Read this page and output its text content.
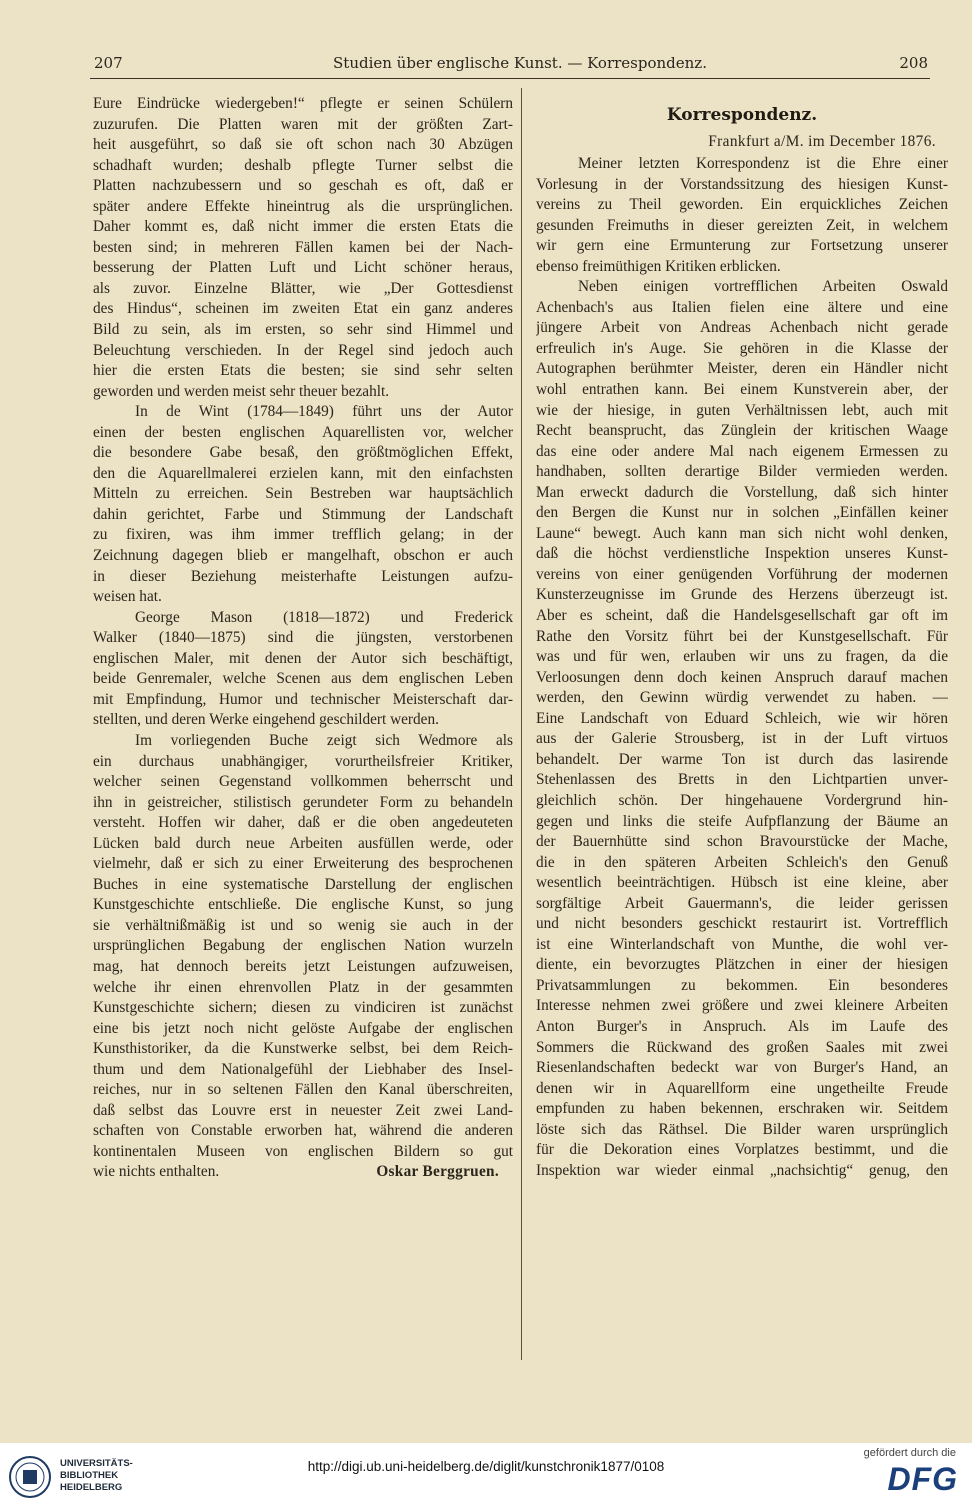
207	Studien über englische Kunst. — Korrespondenz.	208
Eure Eindrücke wiedergeben!“ pflegte er seinen Schülern
zuzurufen. Die Platten waren mit der größten Zart-
heit ausgeführt, so daß sie oft schon nach 30 Abzügen
schadhaft wurden; deshalb pflegte Turner selbst die
Platten nachzubessern und so geschah es oft, daß er
später andere Effekte hineintrug als die ursprünglichen.
Daher kommt es, daß nicht immer die ersten Etats die
besten sind; in mehreren Fällen kamen bei der Nach-
besserung der Platten Luft und Licht schöner heraus,
als zuvor. Einzelne Blätter, wie „Der Gottesdienst
des Hindus“, scheinen im zweiten Etat ein ganz anderes
Bild zu sein, als im ersten, so sehr sind Himmel und
Beleuchtung verschieden. In der Regel sind jedoch auch
hier die ersten Etats die besten; sie sind sehr selten
geworden und werden meist sehr theuer bezahlt.
In de Wint (1784—1849) führt uns der Autor
einen der besten englischen Aquarellisten vor, welcher
die besondere Gabe besaß, den größtmöglichen Effekt,
den die Aquarellmalerei erzielen kann, mit den einfachsten
Mitteln zu erreichen. Sein Bestreben war hauptsächlich
dahin gerichtet, Farbe und Stimmung der Landschaft
zu fixiren, was ihm immer trefflich gelang; in der
Zeichnung dagegen blieb er mangelhaft, obschon er auch
in dieser Beziehung meisterhafte Leistungen aufzu-
weisen hat.
George Mason (1818—1872) und Frederick
Walker (1840—1875) sind die jüngsten, verstorbenen
englischen Maler, mit denen der Autor sich beschäftigt,
beide Genremaler, welche Scenen aus dem englischen Leben
mit Empfindung, Humor und technischer Meisterschaft dar-
stellten, und deren Werke eingehend geschildert werden.
Im vorliegenden Buche zeigt sich Wedmore als
ein durchaus unabhängiger, vorurtheilsfreier Kritiker,
welcher seinen Gegenstand vollkommen beherrscht und
ihn in geistreicher, stilistisch gerundeter Form zu behandeln
versteht. Hoffen wir daher, daß er die oben angedeuteten
Lücken bald durch neue Arbeiten ausfüllen werde, oder
vielmehr, daß er sich zu einer Erweiterung des besprochenen
Buches in eine systematische Darstellung der englischen
Kunstgeschichte entschließe. Die englische Kunst, so jung
sie verhältnißmäßig ist und so wenig sie auch in der
ursprünglichen Begabung der englischen Nation wurzeln
mag, hat dennoch bereits jetzt Leistungen aufzuweisen,
welche ihr einen ehrenvollen Platz in der gesammten
Kunstgeschichte sichern; diesen zu vindiciren ist zunächst
eine bis jetzt noch nicht gelöste Aufgabe der englischen
Kunsthistoriker, da die Kunstwerke selbst, bei dem Reich-
thum und dem Nationalgefühl der Liebhaber des Insel-
reiches, nur in so seltenen Fällen den Kanal überschreiten,
daß selbst das Louvre erst in neuester Zeit zwei Land-
schaften von Constable erworben hat, während die anderen
kontinentalen Museen von englischen Bildern so gut
wie nichts enthalten.	Oskar Berggruen.
Korrespondenz.
Frankfurt a/M. im December 1876.
Meiner letzten Korrespondenz ist die Ehre einer
Vorlesung in der Vorstandssitzung des hiesigen Kunst-
vereins zu Theil geworden. Ein erquickliches Zeichen
gesunden Freimuths in dieser gereizten Zeit, in welchem
wir gern eine Ermunterung zur Fortsetzung unserer
ebenso freimüthigen Kritiken erblicken.
Neben einigen vortrefflichen Arbeiten Oswald
Achenbach's aus Italien fielen eine ältere und eine
jüngere Arbeit von Andreas Achenbach nicht gerade
erfreulich in's Auge. Sie gehören in die Klasse der
Autographen berühmter Meister, deren ein Händler nicht
wohl entrathen kann. Bei einem Kunstverein aber, der
wie der hiesige, in guten Verhältnissen lebt, auch mit
Recht beansprucht, das Zünglein der kritischen Waage
das eine oder andere Mal nach eigenem Ermessen zu
handhaben, sollten derartige Bilder vermieden werden.
Man erweckt dadurch die Vorstellung, daß sich hinter
den Bergen die Kunst nur in solchen „Einfällen keiner
Laune“ bewegt. Auch kann man sich nicht wohl denken,
daß die höchst verdienstliche Inspektion unseres Kunst-
vereins von einer genügenden Vorführung der modernen
Kunsterzeugnisse im Grunde des Herzens überzeugt ist.
Aber es scheint, daß die Handelsgesellschaft gar oft im
Rathe den Vorsitz führt bei der Kunstgesellschaft. Für
was und für wen, erlauben wir uns zu fragen, da die
Verloosungen denn doch keinen Anspruch darauf machen
werden, den Gewinn würdig verwendet zu haben. —
Eine Landschaft von Eduard Schleich, wie wir hören
aus der Galerie Strousberg, ist in der Luft virtuos
behandelt. Der warme Ton ist durch das lasirende
Stehenlassen des Bretts in den Lichtpartien unver-
gleichlich schön. Der hingehauene Vordergrund hin-
gegen und links die steife Aufpflanzung der Bäume an
der Bauernhütte sind schon Bravourstücke der Mache,
die in den späteren Arbeiten Schleich's den Genuß
wesentlich beeinträchtigen. Hübsch ist eine kleine, aber
sorgfältige Arbeit Gauermann's, die leider gerissen
und nicht besonders geschickt restaurirt ist. Vortrefflich
ist eine Winterlandschaft von Munthe, die wohl ver-
diente, ein bevorzugtes Plätzchen in einer der hiesigen
Privatsammlungen zu bekommen. Ein besonderes
Interesse nehmen zwei größere und zwei kleinere Arbeiten
Anton Burger's in Anspruch. Als im Laufe des
Sommers die Rückwand des großen Saales mit zwei
Riesenlandschaften bedeckt war von Burger's Hand, an
denen wir in Aquarellform eine ungetheilte Freude
empfunden zu haben bekennen, erschraken wir. Seitdem
löste sich das Räthsel. Die Bilder waren ursprünglich
für die Dekoration eines Vorplatzes bestimmt, und die
Inspektion war wieder einmal „nachsichtig“ genug, den
UNIVERSITÄTS-
BIBLIOTHEK
HEIDELBERG
http://digi.ub.uni-heidelberg.de/diglit/kunstchronik1877/0108
gefördert durch die
DFG
